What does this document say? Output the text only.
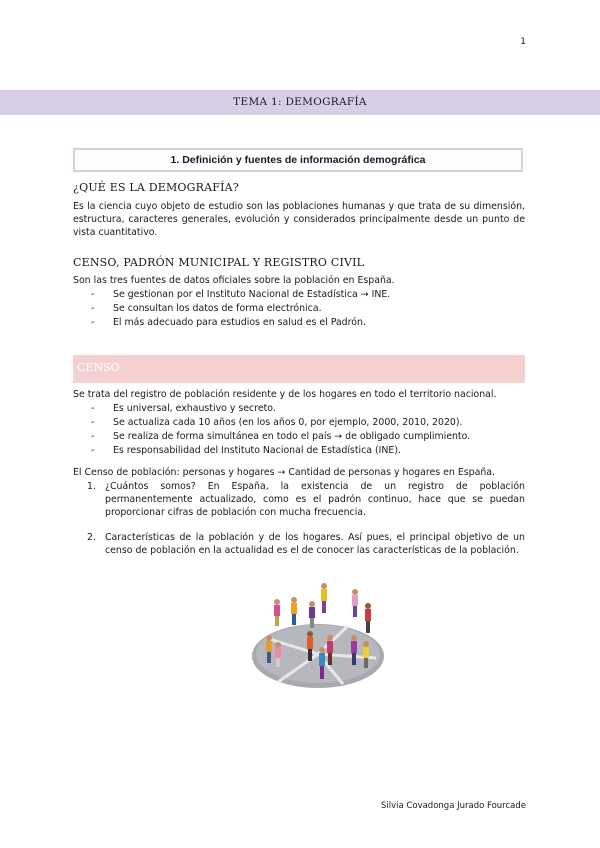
1
TEMA 1: DEMOGRAFÍA
1. Definición y fuentes de información demográfica
¿QUÉ ES LA DEMOGRAFÍA?
Es la ciencia cuyo objeto de estudio son las poblaciones humanas y que trata de su dimensión, estructura, caracteres generales, evolución y considerados principalmente desde un punto de vista cuantitativo.
CENSO, PADRÓN MUNICIPAL Y REGISTRO CIVIL
Son las tres fuentes de datos oficiales sobre la población en España.
- Se gestionan por el Instituto Nacional de Estadística → INE.
- Se consultan los datos de forma electrónica.
- El más adecuado para estudios en salud es el Padrón.
CENSO
Se trata del registro de población residente y de los hogares en todo el territorio nacional.
- Es universal, exhaustivo y secreto.
- Se actualiza cada 10 años (en los años 0, por ejemplo, 2000, 2010, 2020).
- Se realiza de forma simultánea en todo el país → de obligado cumplimiento.
- Es responsabilidad del Instituto Nacional de Estadística (INE).
El Censo de población: personas y hogares → Cantidad de personas y hogares en España.
1. ¿Cuántos somos? En España, la existencia de un registro de población permanentemente actualizado, como es el padrón continuo, hace que se puedan proporcionar cifras de población con mucha frecuencia.
2. Características de la población y de los hogares. Así pues, el principal objetivo de un censo de población en la actualidad es el de conocer las características de la población.
Silvia Covadonga Jurado Fourcade
